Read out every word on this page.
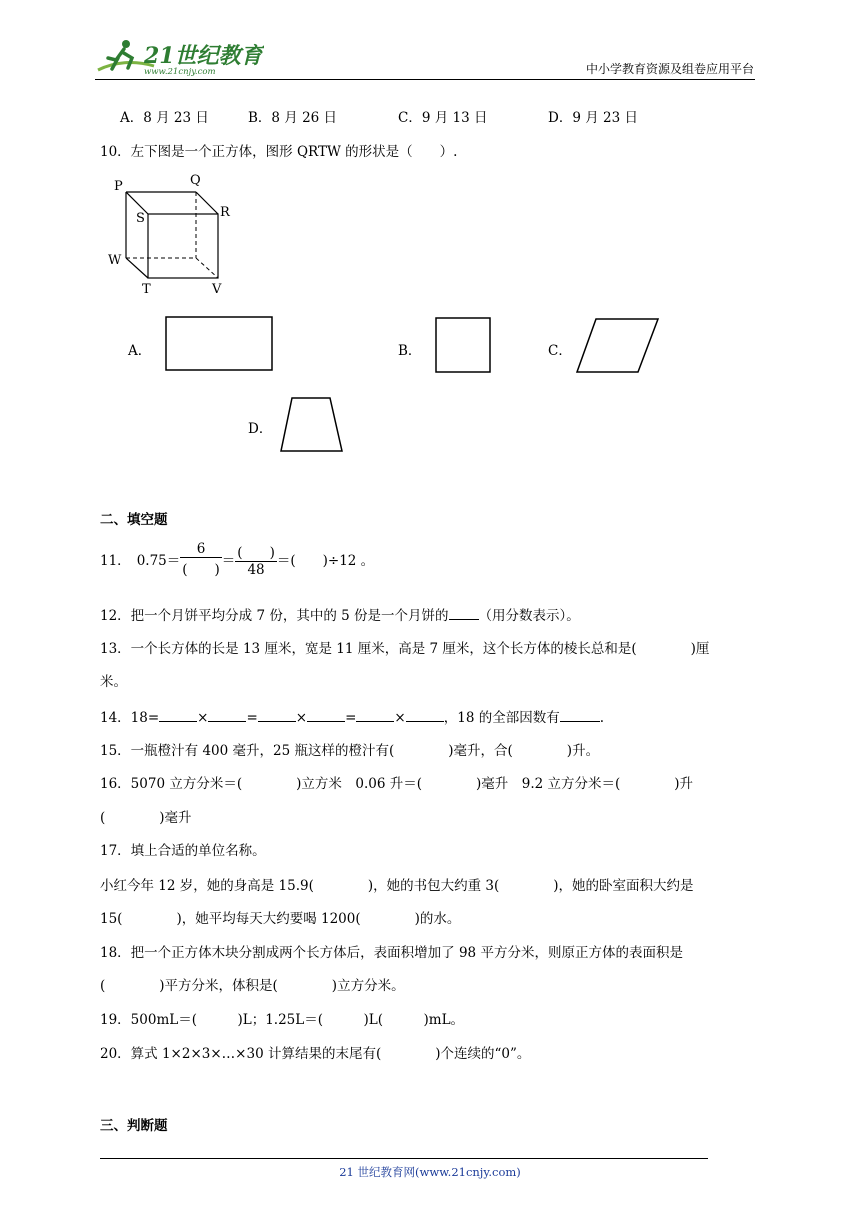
21世纪教育
www.21cnjy.com	中小学教育资源及组卷应用平台
A．8 月 23 日	B．8 月 26 日	C．9 月 13 日	D．9 月 23 日
10．左下图是一个正方体，图形 QRTW 的形状是（　　）.
P	Q
S	R
W
T	V
A．	B．	C．
D．
二、填空题
11． $0.75= \frac{6}{( )} = \frac{( )}{48}$ ＝(　　)÷12 。
12．把一个月饼平均分成 7 份，其中的 5 份是一个月饼的 （用分数表示）。
13．一个长方体的长是 13 厘米，宽是 11 厘米，高是 7 厘米，这个长方体的棱长总和是(　　　　)厘
米。
14．18=	×	=	×	=	×	，18 的全部因数有	.
15．一瓶橙汁有 400 毫升，25 瓶这样的橙汁有(　　　　)毫升，合(　　　　)升。
16．5070 立方分米＝(　　　　)立方米　0.06 升＝(　　　　)毫升　9.2 立方分米＝(　　　　)升
(　　　　)毫升
17．填上合适的单位名称。
小红今年 12 岁，她的身高是 15.9(　　　　)，她的书包大约重 3(　　　　)，她的卧室面积大约是
15(　　　　)，她平均每天大约要喝 1200(　　　　)的水。
18．把一个正方体木块分割成两个长方体后，表面积增加了 98 平方分米，则原正方体的表面积是
(　　　　)平方分米，体积是(　　　　)立方分米。
19．500mL＝(　　　)L；1.25L＝(　　　)L(　　　)mL。
20．算式 1×2×3×…×30 计算结果的末尾有(　　　　)个连续的“0”。
三、判断题
21 世纪教育网(www.21cnjy.com)
